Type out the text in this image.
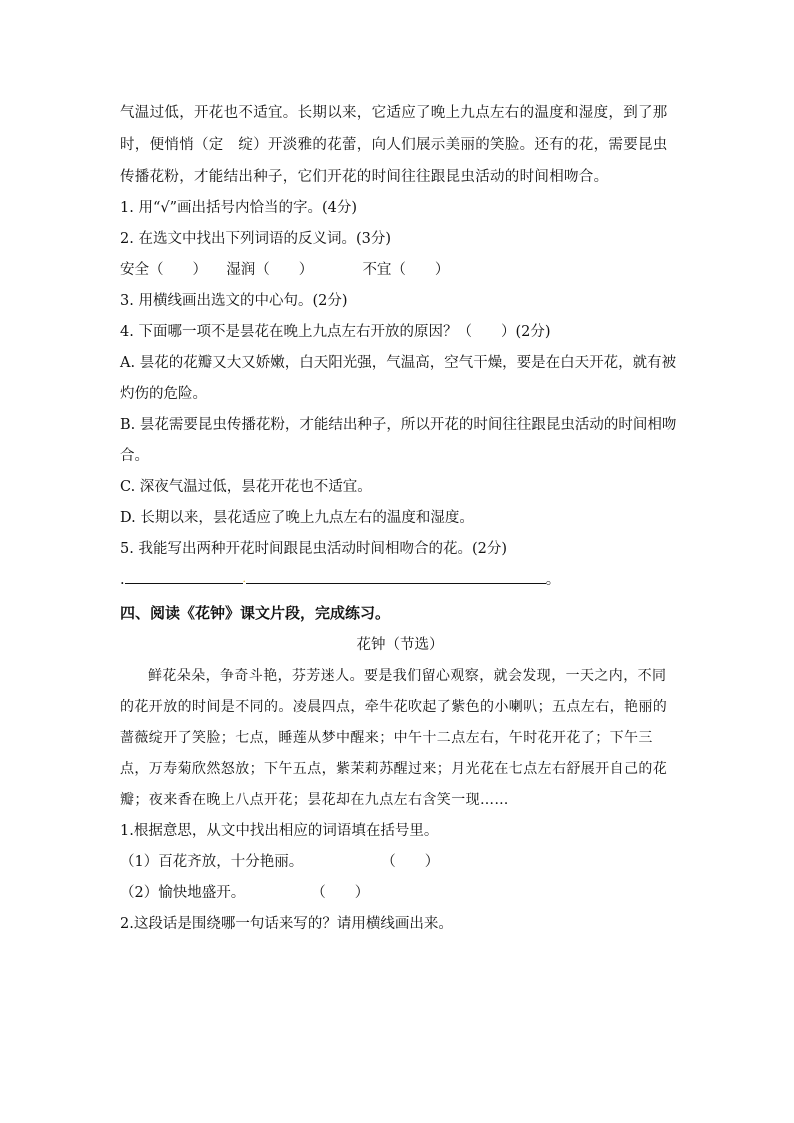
气温过低，开花也不适宜。长期以来，它适应了晚上九点左右的温度和湿度，到了那时，便悄悄（定　绽）开淡雅的花蕾，向人们展示美丽的笑脸。还有的花，需要昆虫传播花粉，才能结出种子，它们开花的时间往往跟昆虫活动的时间相吻合。

1. 用“√”画出括号内恰当的字。(4分)

2. 在选文中找出下列词语的反义词。(3分)

安全（　　） 湿润（　　）	不宜（　　）

3. 用横线画出选文的中心句。(2分)

4. 下面哪一项不是昙花在晚上九点左右开放的原因？（　　）(2分)

A. 昙花的花瓣又大又娇嫩，白天阳光强，气温高，空气干燥，要是在白天开花，就有被灼伤的危险。

B. 昙花需要昆虫传播花粉，才能结出种子，所以开花的时间往往跟昆虫活动的时间相吻合。

C. 深夜气温过低，昙花开花也不适宜。

D. 长期以来，昙花适应了晚上九点左右的温度和湿度。

5. 我能写出两种开花时间跟昆虫活动时间相吻合的花。(2分)

.	.	。

四、阅读《花钟》课文片段，完成练习。

花钟（节选）

鲜花朵朵，争奇斗艳，芬芳迷人。要是我们留心观察，就会发现，一天之内，不同的花开放的时间是不同的。凌晨四点，牵牛花吹起了紫色的小喇叭；五点左右，艳丽的蔷薇绽开了笑脸；七点，睡莲从梦中醒来；中午十二点左右，午时花开花了；下午三点，万寿菊欣然怒放；下午五点，紫茉莉苏醒过来；月光花在七点左右舒展开自己的花瓣；夜来香在晚上八点开花；昙花却在九点左右含笑一现……

1.根据意思，从文中找出相应的词语填在括号里。

（1）百花齐放，十分艳丽。	（　　）

（2）愉快地盛开。	（　　）

2.这段话是围绕哪一句话来写的？请用横线画出来。
